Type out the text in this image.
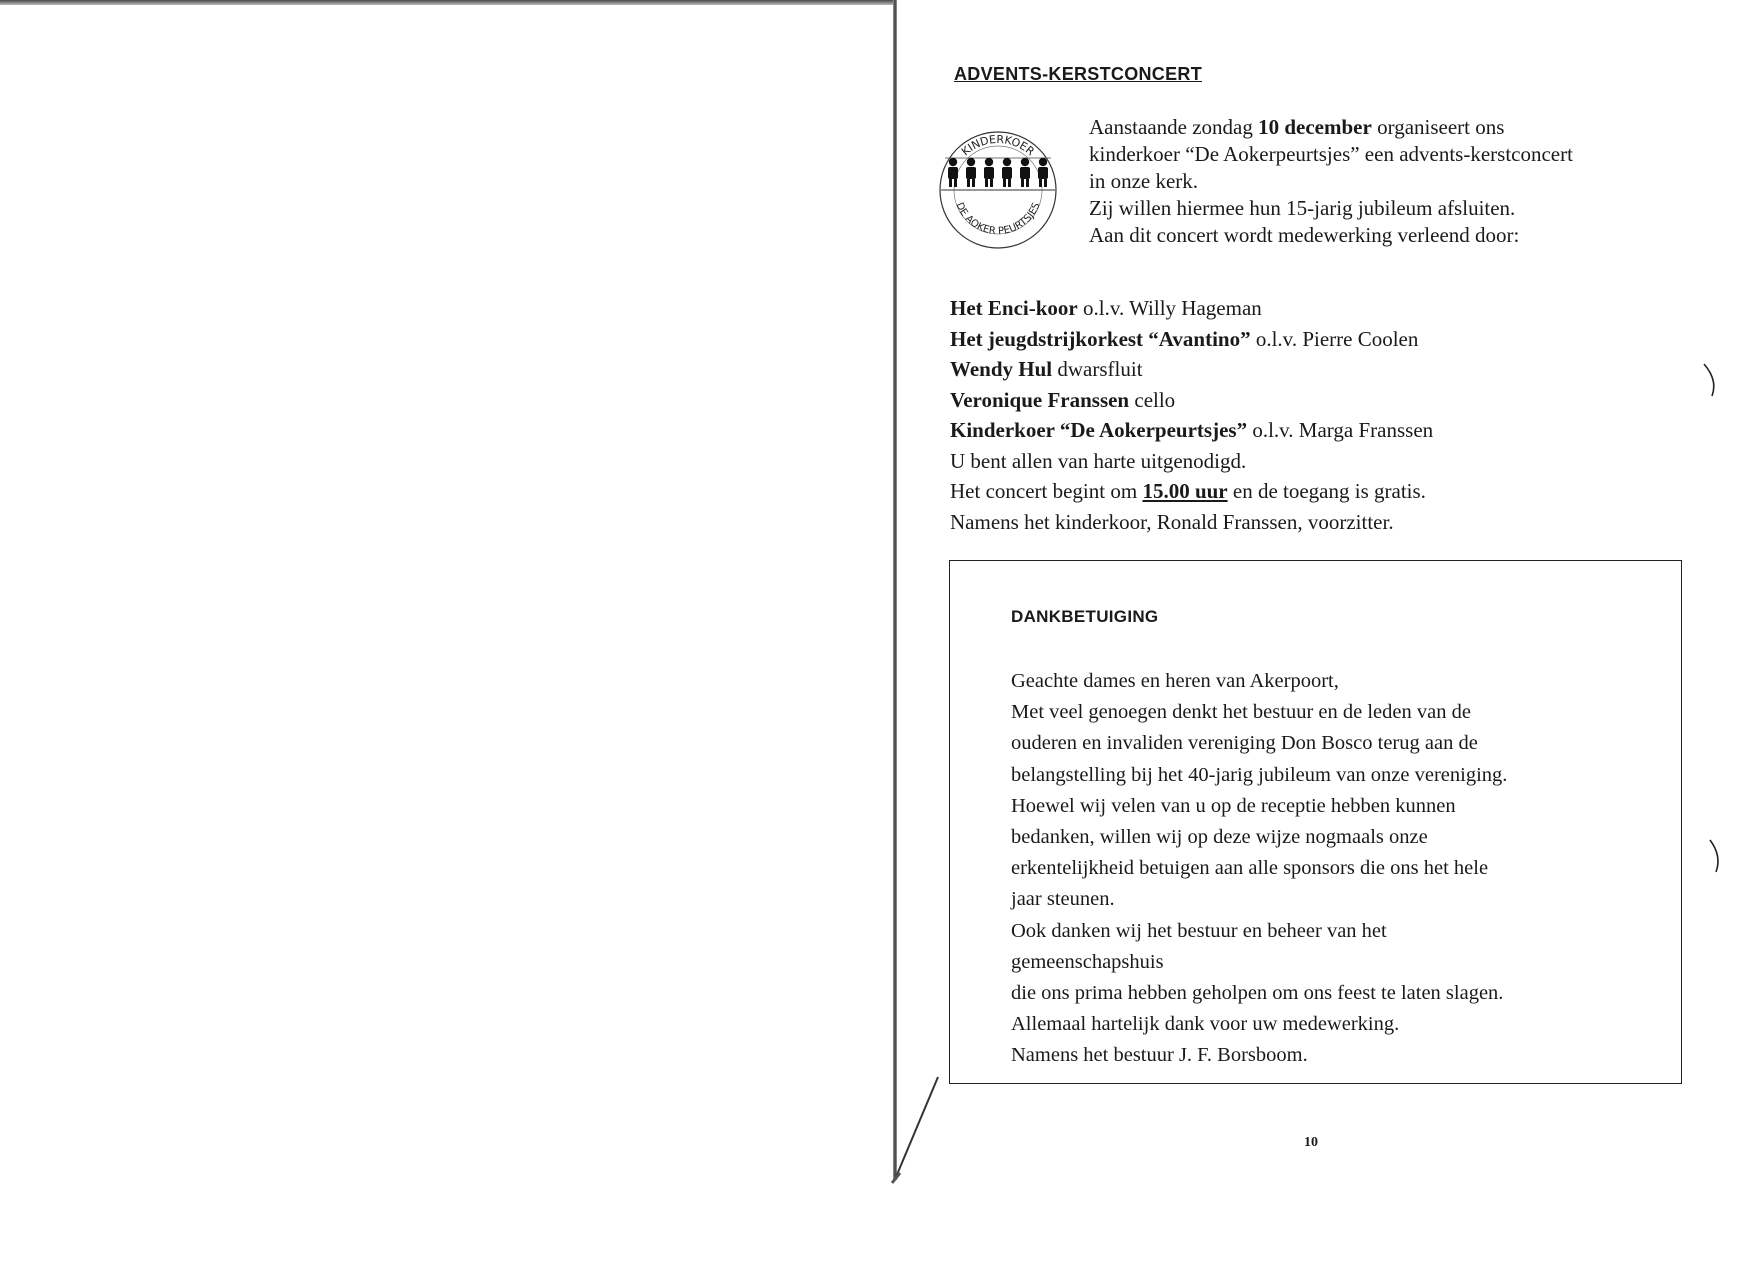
ADVENTS-KERSTCONCERT
KINDERKOER
DE AOKER PEURTSJES

Aanstaande zondag 10 december organiseert ons

kinderkoer “De Aokerpeurtsjes” een advents-kerstconcert

in onze kerk.

Zij willen hiermee hun 15-jarig jubileum afsluiten.

Aan dit concert wordt medewerking verleend door:

Het Enci-koor o.l.v. Willy Hageman

Het jeugdstrijkorkest “Avantino” o.l.v. Pierre Coolen

Wendy Hul dwarsfluit

Veronique Franssen cello

Kinderkoer “De Aokerpeurtsjes” o.l.v. Marga Franssen

U bent allen van harte uitgenodigd.

Het concert begint om 15.00 uur en de toegang is gratis.

Namens het kinderkoor, Ronald Franssen, voorzitter.

DANKBETUIGING

Geachte dames en heren van Akerpoort,

Met veel genoegen denkt het bestuur en de leden van de

ouderen en invaliden vereniging Don Bosco terug aan de

belangstelling bij het 40-jarig jubileum van onze vereniging.

Hoewel wij velen van u op de receptie hebben kunnen

bedanken, willen wij op deze wijze nogmaals onze

erkentelijkheid betuigen aan alle sponsors die ons het hele

jaar steunen.

Ook danken wij het bestuur en beheer van het

gemeenschapshuis

die ons prima hebben geholpen om ons feest te laten slagen.

Allemaal hartelijk dank voor uw medewerking.

Namens het bestuur J. F. Borsboom.

10
